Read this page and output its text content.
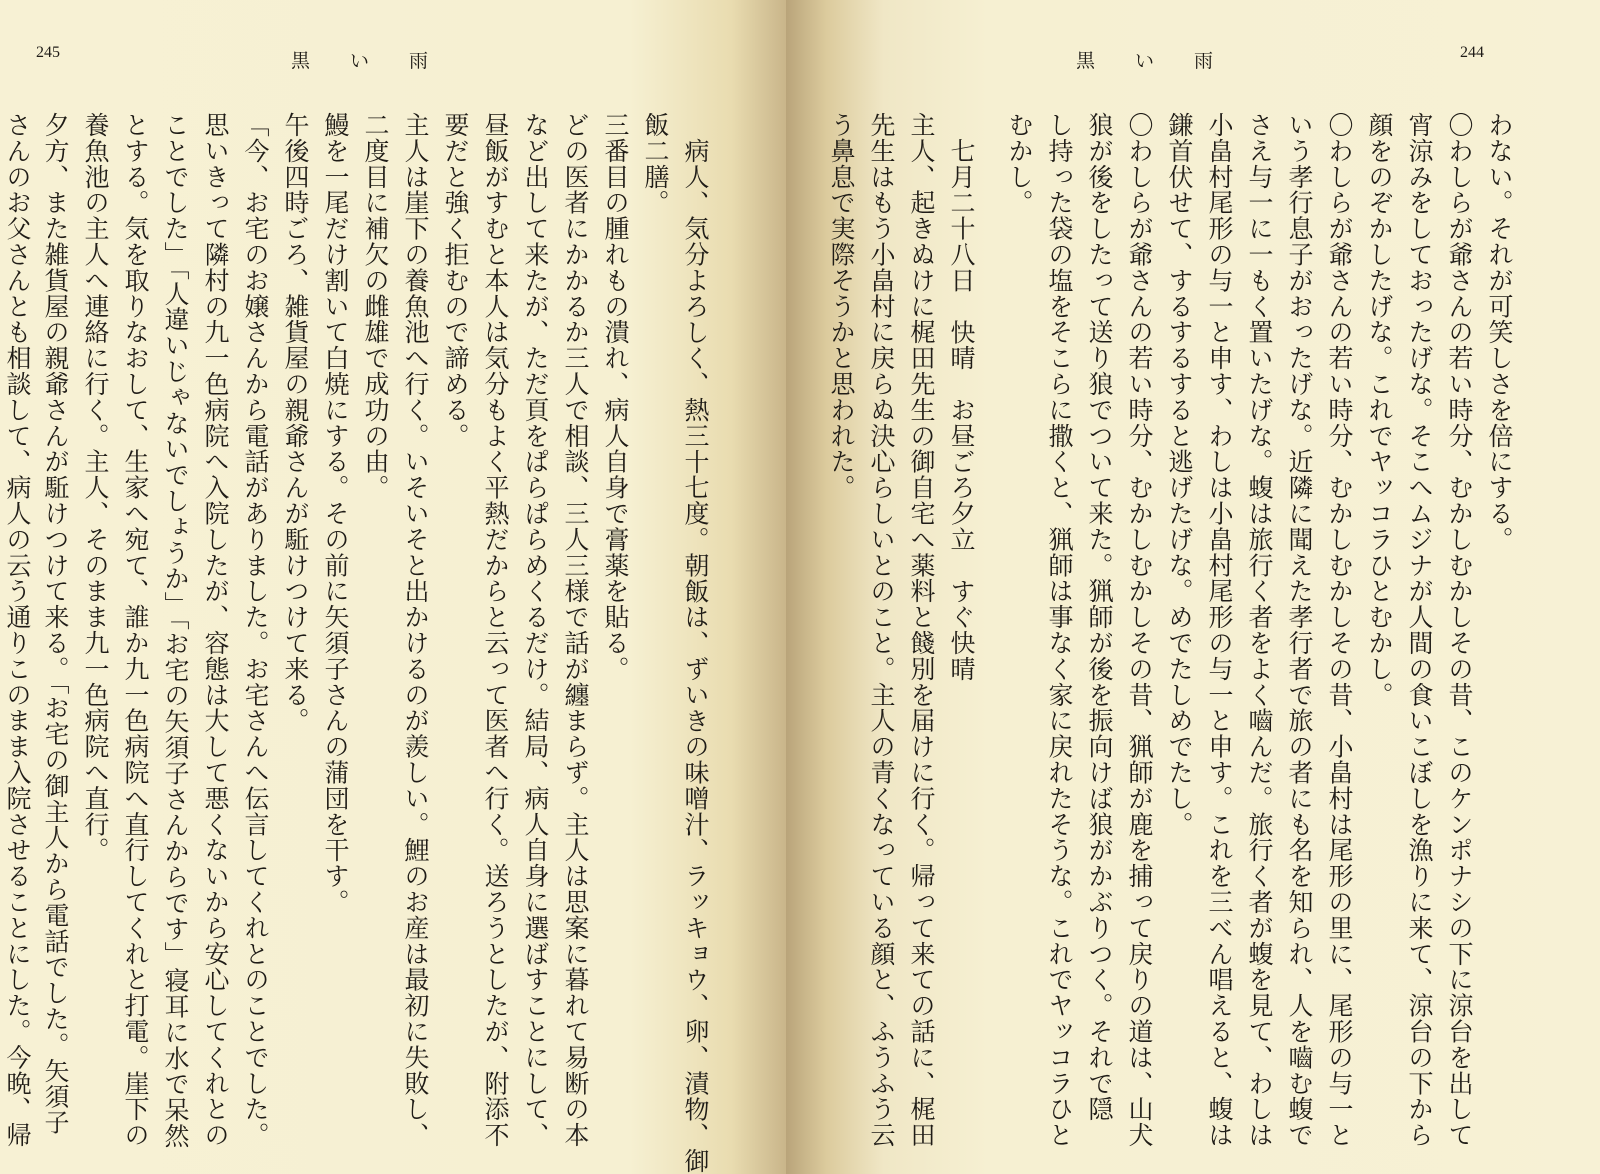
245	黒い雨
病人、気分よろしく、熱三十七度。朝飯は、ずいきの味噌汁、ラッキョウ、卵、漬物、御
飯二膳。
三番目の腫れもの潰れ、病人自身で膏薬を貼る。
どの医者にかかるか三人で相談、三人三様で話が纏まらず。主人は思案に暮れて易断の本
など出して来たが、ただ頁をぱらぱらめくるだけ。結局、病人自身に選ばすことにして、
昼飯がすむと本人は気分もよく平熱だからと云って医者へ行く。送ろうとしたが、附添不
要だと強く拒むので諦める。
主人は崖下の養魚池へ行く。いそいそと出かけるのが羨しい。鯉のお産は最初に失敗し、
二度目に補欠の雌雄で成功の由。
鰻を一尾だけ割いて白焼にする。その前に矢須子さんの蒲団を干す。
午後四時ごろ、雑貨屋の親爺さんが駈けつけて来る。
「今、お宅のお嬢さんから電話がありました。お宅さんへ伝言してくれとのことでした。
思いきって隣村の九一色病院へ入院したが、容態は大して悪くないから安心してくれとの
ことでした」「人違いじゃないでしょうか」「お宅の矢須子さんからです」寝耳に水で呆然
とする。気を取りなおして、生家へ宛て、誰か九一色病院へ直行してくれと打電。崖下の
養魚池の主人へ連絡に行く。主人、そのまま九一色病院へ直行。
夕方、また雑貨屋の親爺さんが駈けつけて来る。「お宅の御主人から電話でした。矢須子
さんのお父さんとも相談して、病人の云う通りこのまま入院させることにした。今晩、帰
黒い雨	244
わない。それが可笑しさを倍にする。
〇わしらが爺さんの若い時分、むかしむかしその昔、このケンポナシの下に涼台を出して
宵涼みをしておったげな。そこへムジナが人間の食いこぼしを漁りに来て、涼台の下から
顔をのぞかしたげな。これでヤッコラひとむかし。
〇わしらが爺さんの若い時分、むかしむかしその昔、小畠村は尾形の里に、尾形の与一と
いう孝行息子がおったげな。近隣に聞えた孝行者で旅の者にも名を知られ、人を嚙む蝮で
さえ与一に一もく置いたげな。蝮は旅行く者をよく嚙んだ。旅行く者が蝮を見て、わしは
小畠村尾形の与一と申す、わしは小畠村尾形の与一と申す。これを三べん唱えると、蝮は
鎌首伏せて、するするすると逃げたげな。めでたしめでたし。
〇わしらが爺さんの若い時分、むかしむかしその昔、猟師が鹿を捕って戻りの道は、山犬
狼が後をしたって送り狼でついて来た。猟師が後を振向けば狼がかぶりつく。それで隠
し持った袋の塩をそこらに撒くと、猟師は事なく家に戻れたそうな。これでヤッコラひと
むかし。
七月二十八日　快晴　お昼ごろ夕立　すぐ快晴
主人、起きぬけに梶田先生の御自宅へ薬料と餞別を届けに行く。帰って来ての話に、梶田
先生はもう小畠村に戻らぬ決心らしいとのこと。主人の青くなっている顔と、ふうふう云
う鼻息で実際そうかと思われた。
